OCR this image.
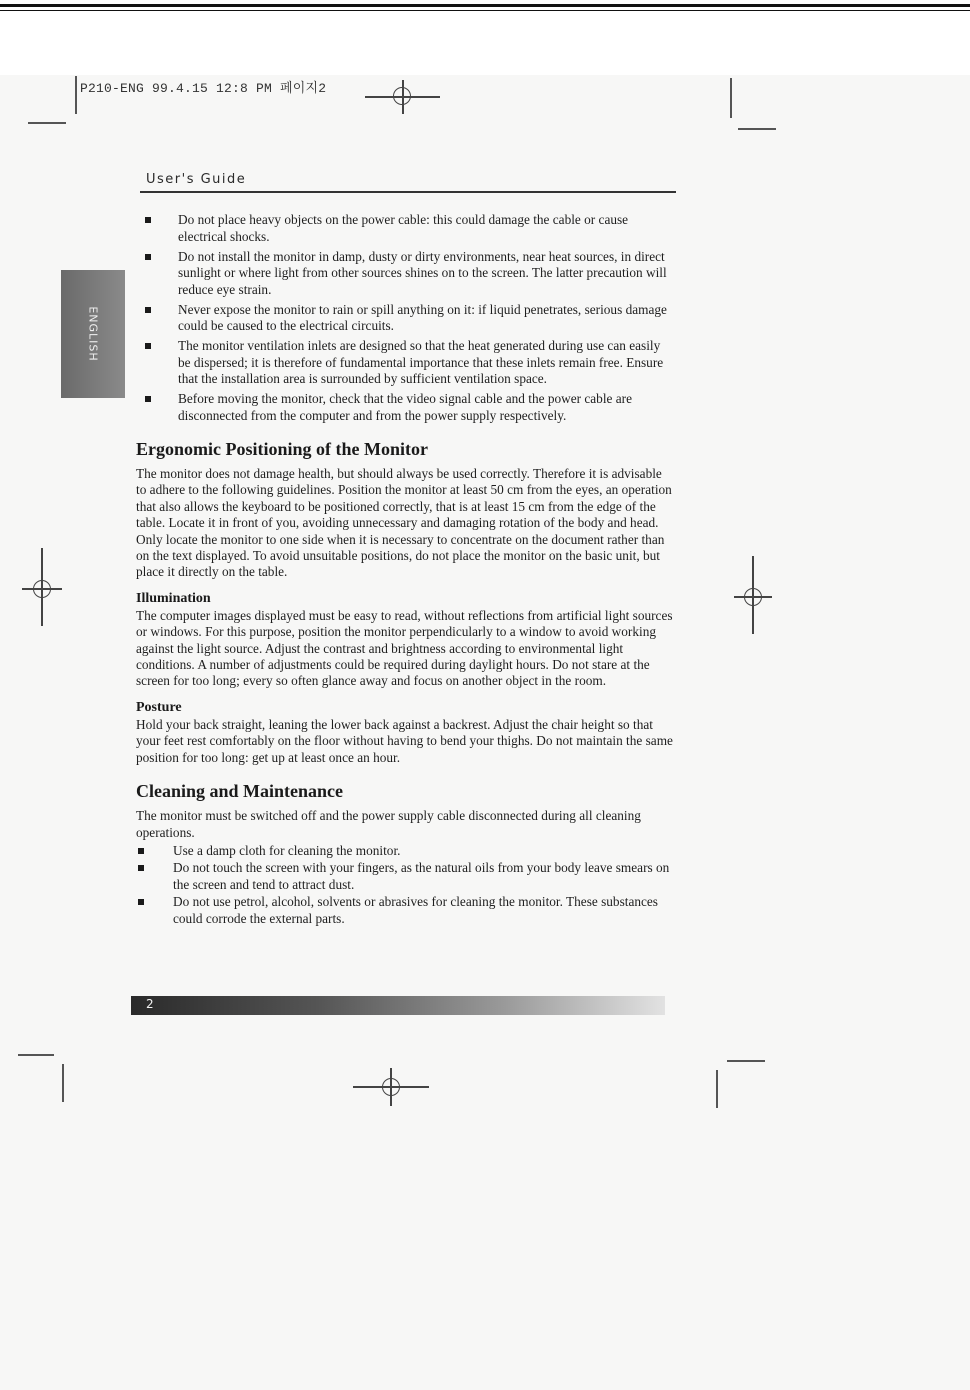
P210-ENG 99.4.15 12:8 PM 페이지2
User's Guide
ENGLISH
Do not place heavy objects on the power cable: this could damage the cable or cause electrical shocks.
Do not install the monitor in damp, dusty or dirty environments, near heat sources, in direct sunlight or where light from other sources shines on to the screen. The latter precaution will reduce eye strain.
Never expose the monitor to rain or spill anything on it: if liquid penetrates, serious damage could be caused to the electrical circuits.
The monitor ventilation inlets are designed so that the heat generated during use can easily be dispersed; it is therefore of fundamental importance that these inlets remain free. Ensure that the installation area is surrounded by sufficient ventilation space.
Before moving the monitor, check that the video signal cable and the power cable are disconnected from the computer and from the power supply respectively.
Ergonomic Positioning of the Monitor

The monitor does not damage health, but should always be used correctly. Therefore it is advisable to adhere to the following guidelines. Position the monitor at least 50 cm from the eyes, an operation that also allows the keyboard to be positioned correctly, that is at least 15 cm from the edge of the table. Locate it in front of you, avoiding unnecessary and damaging rotation of the body and head. Only locate the monitor to one side when it is necessary to concentrate on the document rather than on the text displayed. To avoid unsuitable positions, do not place the monitor on the basic unit, but place it directly on the table.

Illumination

The computer images displayed must be easy to read, without reflections from artificial light sources or windows. For this purpose, position the monitor perpendicularly to a window to avoid working against the light source. Adjust the contrast and brightness according to environmental light conditions. A number of adjustments could be required during daylight hours. Do not stare at the screen for too long; every so often glance away and focus on another object in the room.

Posture

Hold your back straight, leaning the lower back against a backrest. Adjust the chair height so that your feet rest comfortably on the floor without having to bend your thighs. Do not maintain the same position for too long: get up at least once an hour.

Cleaning and Maintenance

The monitor must be switched off and the power supply cable disconnected during all cleaning operations.

Use a damp cloth for cleaning the monitor.
Do not touch the screen with your fingers, as the natural oils from your body leave smears on the screen and tend to attract dust.
Do not use petrol, alcohol, solvents or abrasives for cleaning the monitor. These substances could corrode the external parts.
2
